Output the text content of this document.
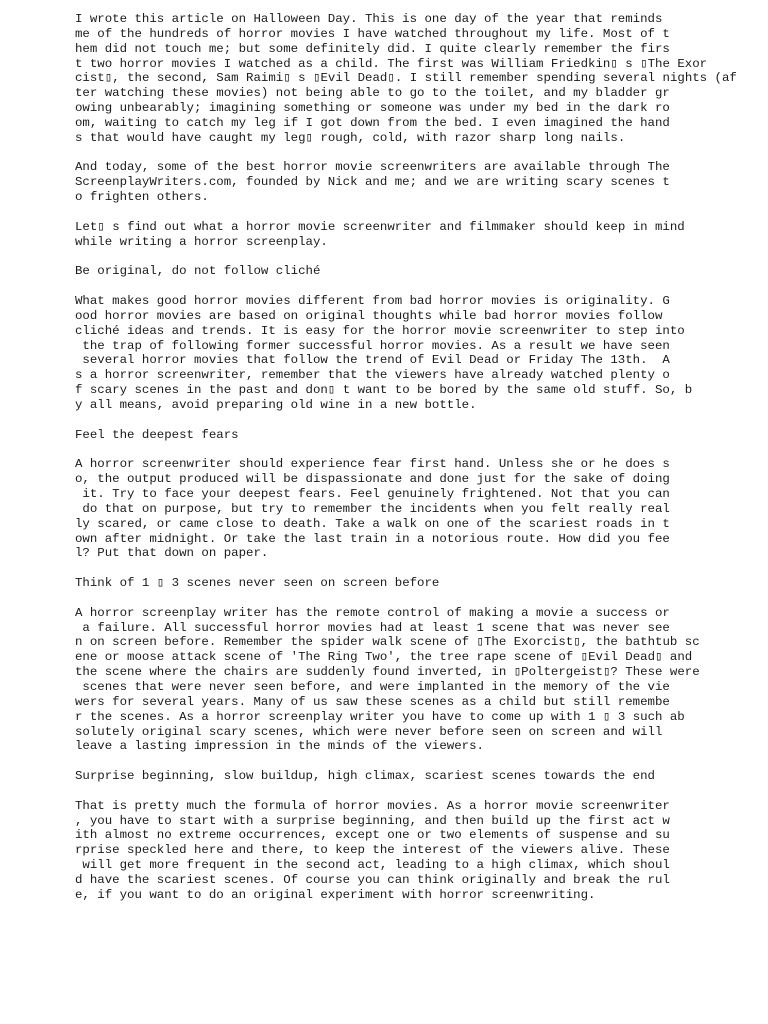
I wrote this article on Halloween Day. This is one day of the year that reminds
me of the hundreds of horror movies I have watched throughout my life. Most of t
hem did not touch me; but some definitely did. I quite clearly remember the firs
t two horror movies I watched as a child. The first was William Friedkin▯ s ▯The Exor
cist▯, the second, Sam Raimi▯ s ▯Evil Dead▯. I still remember spending several nights (af
ter watching these movies) not being able to go to the toilet, and my bladder gr
owing unbearably; imagining something or someone was under my bed in the dark ro
om, waiting to catch my leg if I got down from the bed. I even imagined the hand
s that would have caught my leg▯ rough, cold, with razor sharp long nails.
And today, some of the best horror movie screenwriters are available through The
ScreenplayWriters.com, founded by Nick and me; and we are writing scary scenes t
o frighten others.
Let▯ s find out what a horror movie screenwriter and filmmaker should keep in mind
while writing a horror screenplay.
Be original, do not follow cliché
What makes good horror movies different from bad horror movies is originality. G
ood horror movies are based on original thoughts while bad horror movies follow
cliché ideas and trends. It is easy for the horror movie screenwriter to step into
the trap of following former successful horror movies. As a result we have seen
several horror movies that follow the trend of Evil Dead or Friday The 13th.  A
s a horror screenwriter, remember that the viewers have already watched plenty o
f scary scenes in the past and don▯ t want to be bored by the same old stuff. So, b
y all means, avoid preparing old wine in a new bottle.
Feel the deepest fears
A horror screenwriter should experience fear first hand. Unless she or he does s
o, the output produced will be dispassionate and done just for the sake of doing
it. Try to face your deepest fears. Feel genuinely frightened. Not that you can
do that on purpose, but try to remember the incidents when you felt really real
ly scared, or came close to death. Take a walk on one of the scariest roads in t
own after midnight. Or take the last train in a notorious route. How did you fee
l? Put that down on paper.
Think of 1 ▯ 3 scenes never seen on screen before
A horror screenplay writer has the remote control of making a movie a success or
a failure. All successful horror movies had at least 1 scene that was never see
n on screen before. Remember the spider walk scene of ▯The Exorcist▯, the bathtub sc
ene or moose attack scene of 'The Ring Two', the tree rape scene of ▯Evil Dead▯ and
the scene where the chairs are suddenly found inverted, in ▯Poltergeist▯? These were
scenes that were never seen before, and were implanted in the memory of the vie
wers for several years. Many of us saw these scenes as a child but still remembe
r the scenes. As a horror screenplay writer you have to come up with 1 ▯ 3 such ab
solutely original scary scenes, which were never before seen on screen and will
leave a lasting impression in the minds of the viewers.
Surprise beginning, slow buildup, high climax, scariest scenes towards the end
That is pretty much the formula of horror movies. As a horror movie screenwriter
, you have to start with a surprise beginning, and then build up the first act w
ith almost no extreme occurrences, except one or two elements of suspense and su
rprise speckled here and there, to keep the interest of the viewers alive. These
will get more frequent in the second act, leading to a high climax, which shoul
d have the scariest scenes. Of course you can think originally and break the rul
e, if you want to do an original experiment with horror screenwriting.
